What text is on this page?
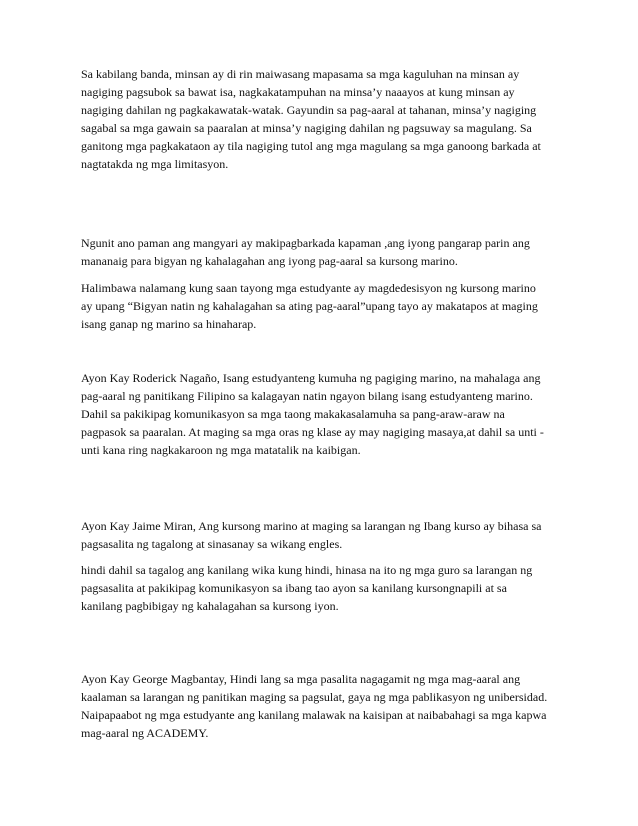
Sa kabilang banda, minsan ay di rin maiwasang mapasama sa mga kaguluhan na minsan ay
nagiging pagsubok sa bawat isa, nagkakatampuhan na minsa’y naaayos at kung minsan ay
nagiging dahilan ng pagkakawatak-watak. Gayundin sa pag-aaral at tahanan, minsa’y nagiging
sagabal sa mga gawain sa paaralan at minsa’y nagiging dahilan ng pagsuway sa magulang. Sa
ganitong mga pagkakataon ay tila nagiging tutol ang mga magulang sa mga ganoong barkada at
nagtatakda ng mga limitasyon.
Ngunit ano paman ang mangyari ay makipagbarkada kapaman ,ang iyong pangarap parin ang
mananaig para bigyan ng kahalagahan ang iyong pag-aaral sa kursong marino.
Halimbawa nalamang kung saan tayong mga estudyante ay magdedesisyon ng kursong marino
ay upang “Bigyan natin ng kahalagahan sa ating pag-aaral”upang tayo ay makatapos at maging
isang ganap ng marino sa hinaharap.
Ayon Kay Roderick Nagaño, Isang estudyanteng kumuha ng pagiging marino, na mahalaga ang
pag-aaral ng panitikang Filipino sa kalagayan natin ngayon bilang isang estudyanteng marino.
Dahil sa pakikipag komunikasyon sa mga taong makakasalamuha sa pang-araw-araw na
pagpasok sa paaralan. At maging sa mga oras ng klase ay may nagiging masaya,at dahil sa unti -
unti kana ring nagkakaroon ng mga matatalik na kaibigan.
Ayon Kay Jaime Miran, Ang kursong marino at maging sa larangan ng Ibang kurso ay bihasa sa
pagsasalita ng tagalong at sinasanay sa wikang engles.
hindi dahil sa tagalog ang kanilang wika kung hindi, hinasa na ito ng mga guro sa larangan ng
pagsasalita at pakikipag komunikasyon sa ibang tao ayon sa kanilang kursongnapili at sa
kanilang pagbibigay ng kahalagahan sa kursong iyon.
Ayon Kay George Magbantay, Hindi lang sa mga pasalita nagagamit ng mga mag-aaral ang
kaalaman sa larangan ng panitikan maging sa pagsulat, gaya ng mga pablikasyon ng unibersidad.
Naipapaabot ng mga estudyante ang kanilang malawak na kaisipan at naibabahagi sa mga kapwa
mag-aaral ng ACADEMY.
